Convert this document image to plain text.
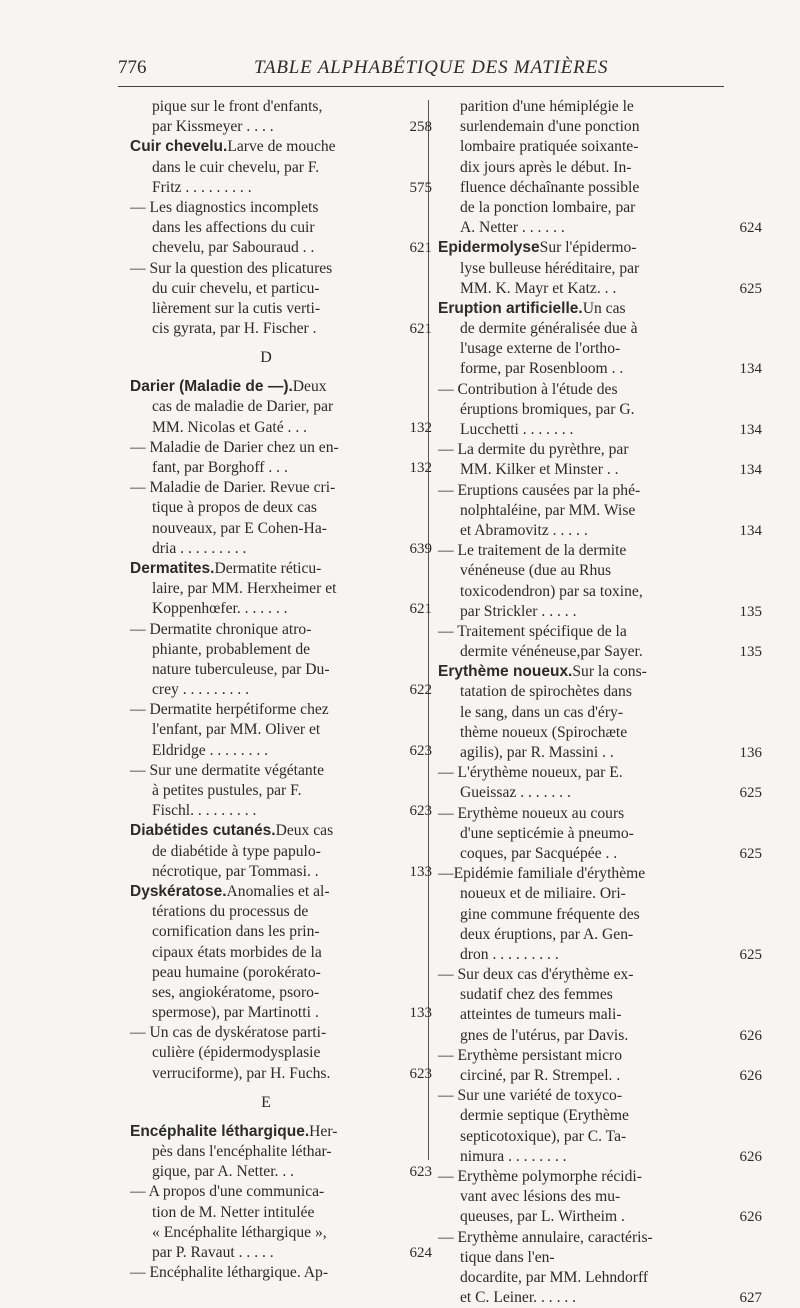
776	TABLE ALPHABÉTIQUE DES MATIÈRES
pique sur le front d'enfants,
par Kissmeyer . . . .	258
Cuir chevelu.Larve de mouche
dans le cuir chevelu, par F.
Fritz . . . . . . . . .	575
— Les diagnostics incomplets
dans les affections du cuir
chevelu, par Sabouraud . .	621
— Sur la question des plicatures
du cuir chevelu, et particu-
lièrement sur la cutis verti-
cis gyrata, par H. Fischer .	621
D
Darier (Maladie de —).Deux
cas de maladie de Darier, par
MM. Nicolas et Gaté . . .	132
— Maladie de Darier chez un en-
fant, par Borghoff . . .	132
— Maladie de Darier. Revue cri-
tique à propos de deux cas
nouveaux, par E Cohen-Ha-
dria . . . . . . . . .	639
Dermatites.Dermatite réticu-
laire, par MM. Herxheimer et
Koppenhœfer. . . . . . .	621
— Dermatite chronique atro-
phiante, probablement de
nature tuberculeuse, par Du-
crey . . . . . . . . .	622
— Dermatite herpétiforme chez
l'enfant, par MM. Oliver et
Eldridge . . . . . . . .	623
— Sur une dermatite végétante
à petites pustules, par F.
Fischl. . . . . . . . .	623
Diabétides cutanés.Deux cas
de diabétide à type papulo-
nécrotique, par Tommasi. .	133
Dyskératose.Anomalies et al-
térations du processus de
cornification dans les prin-
cipaux états morbides de la
peau humaine (porokérato-
ses, angiokératome, psoro-
spermose), par Martinotti .	133
— Un cas de dyskératose parti-
culière (épidermodysplasie
verruciforme), par H. Fuchs.	623
E
Encéphalite léthargique.Her-
pès dans l'encéphalite léthar-
gique, par A. Netter. . .	623
— A propos d'une communica-
tion de M. Netter intitulée
« Encéphalite léthargique »,
par P. Ravaut . . . . .	624
— Encéphalite léthargique. Ap-
parition d'une hémiplégie le
surlendemain d'une ponction
lombaire pratiquée soixante-
dix jours après le début. In-
fluence déchaînante possible
de la ponction lombaire, par
A. Netter . . . . . .	624
EpidermolyseSur l'épidermo-
lyse bulleuse héréditaire, par
MM. K. Mayr et Katz. . .	625
Eruption artificielle.Un cas
de dermite généralisée due à
l'usage externe de l'ortho-
forme, par Rosenbloom . .	134
— Contribution à l'étude des
éruptions bromiques, par G.
Lucchetti . . . . . . .	134
— La dermite du pyrèthre, par
MM. Kilker et Minster . .	134
— Eruptions causées par la phé-
nolphtaléine, par MM. Wise
et Abramovitz . . . . .	134
— Le traitement de la dermite
vénéneuse (due au Rhus
toxicodendron) par sa toxine,
par Strickler . . . . .	135
— Traitement spécifique de la
dermite vénéneuse,par Sayer.	135
Erythème noueux.Sur la cons-
tatation de spirochètes dans
le sang, dans un cas d'éry-
thème noueux (Spirochæte
agilis), par R. Massini . .	136
— L'érythème noueux, par E.
Gueissaz . . . . . . .	625
— Erythème noueux au cours
d'une septicémie à pneumo-
coques, par Sacquépée . .	625
—Epidémie familiale d'érythème
noueux et de miliaire. Ori-
gine commune fréquente des
deux éruptions, par A. Gen-
dron . . . . . . . . .	625
— Sur deux cas d'érythème ex-
sudatif chez des femmes
atteintes de tumeurs mali-
gnes de l'utérus, par Davis.	626
— Erythème persistant micro
circiné, par R. Strempel. .	626
— Sur une variété de toxyco-
dermie septique (Erythème
septicotoxique), par C. Ta-
nimura . . . . . . . .	626
— Erythème polymorphe récidi-
vant avec lésions des mu-
queuses, par L. Wirtheim .	626
— Erythème annulaire, caractéris-
tique dans l'en-
docardite, par MM. Lehndorff
et C. Leiner. . . . . .	627
